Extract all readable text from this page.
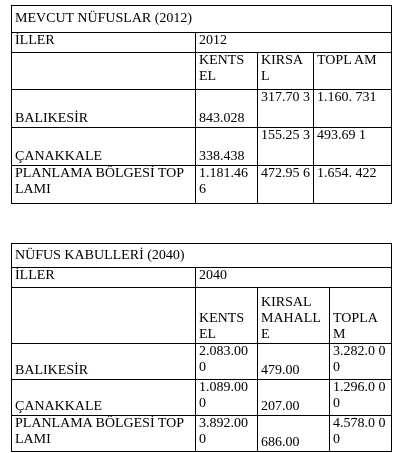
MEVCUT NÜFUSLAR (2012)			
İLLER	2012		
	KENTS EL	KIRSA L	TOPL AM
BALIKESİR	843.028	317.70 3	1.160. 731
ÇANAKKALE	338.438	155.25 3	493.69 1
PLANLAMA BÖLGESİ TOPLAMI	1.181.46 6	472.95 6	1.654. 422
NÜFUS KABULLERİ (2040)			
İLLER	2040		
	KENTS EL	KIRSAL MAHALL E	TOPLA M
BALIKESİR	2.083.00 0	479.00	3.282.0 00
ÇANAKKALE	1.089.00 0	207.00	1.296.0 00
PLANLAMA BÖLGESİ TOPLAMI	3.892.00 0	686.00	4.578.0 00
